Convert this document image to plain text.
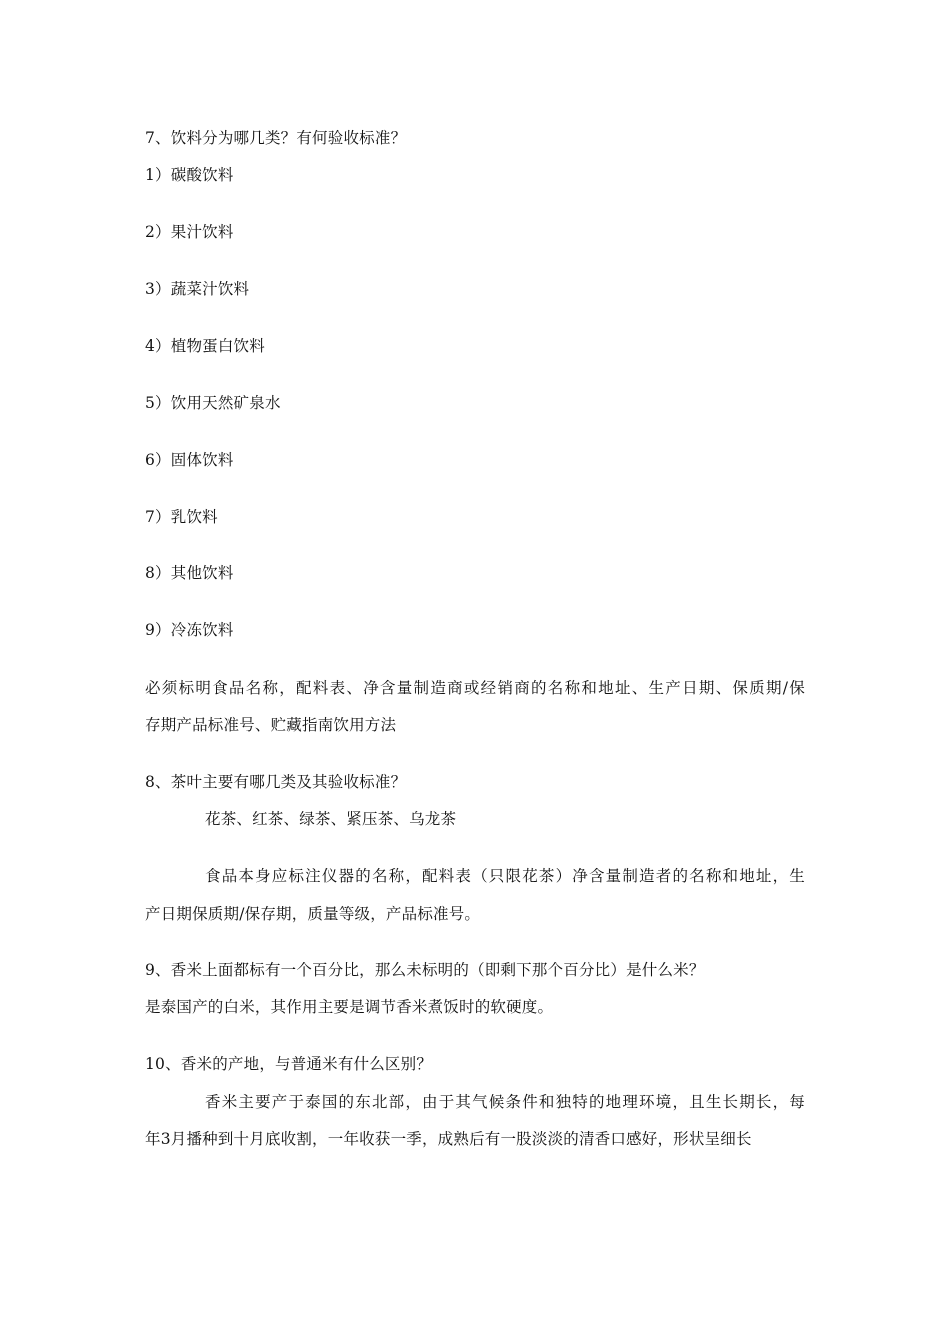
7、饮料分为哪几类？有何验收标准？
1）碳酸饮料
2）果汁饮料
3）蔬菜汁饮料
4）植物蛋白饮料
5）饮用天然矿泉水
6）固体饮料
7）乳饮料
8）其他饮料
9）冷冻饮料
必须标明食品名称，配料表、净含量制造商或经销商的名称和地址、生产日期、保质期/保
存期产品标准号、贮藏指南饮用方法
8、茶叶主要有哪几类及其验收标准？
花茶、红茶、绿茶、紧压茶、乌龙茶
食品本身应标注仪器的名称，配料表（只限花茶）净含量制造者的名称和地址，生
产日期保质期/保存期，质量等级，产品标准号。
9、香米上面都标有一个百分比，那么未标明的（即剩下那个百分比）是什么米？
是泰国产的白米，其作用主要是调节香米煮饭时的软硬度。
10、香米的产地，与普通米有什么区别？
香米主要产于泰国的东北部，由于其气候条件和独特的地理环境，且生长期长，每
年3月播种到十月底收割，一年收获一季，成熟后有一股淡淡的清香口感好，形状呈细长
